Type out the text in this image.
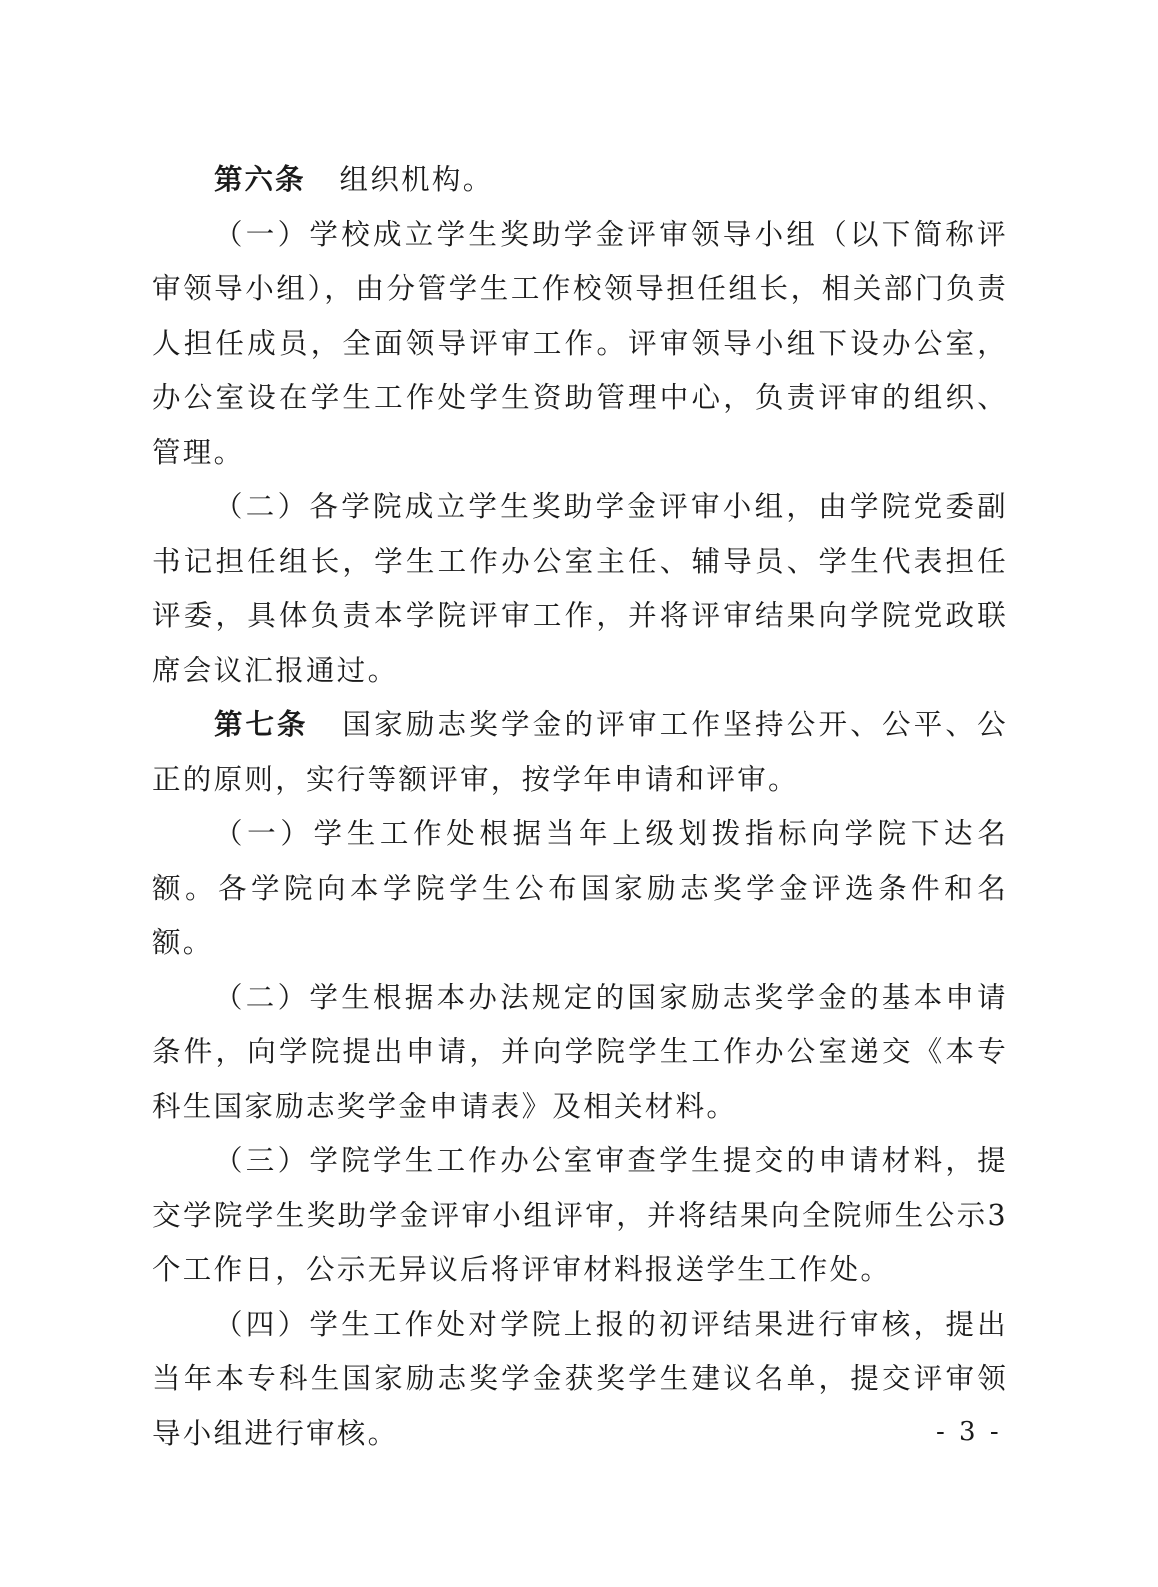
第六条 组织机构。

（一）学校成立学生奖助学金评审领导小组（以下简称评审领导小组），由分管学生工作校领导担任组长，相关部门负责人担任成员，全面领导评审工作。评审领导小组下设办公室，办公室设在学生工作处学生资助管理中心，负责评审的组织、管理。

（二）各学院成立学生奖助学金评审小组，由学院党委副书记担任组长，学生工作办公室主任、辅导员、学生代表担任评委，具体负责本学院评审工作，并将评审结果向学院党政联席会议汇报通过。

第七条 国家励志奖学金的评审工作坚持公开、公平、公正的原则，实行等额评审，按学年申请和评审。

（一）学生工作处根据当年上级划拨指标向学院下达名额。各学院向本学院学生公布国家励志奖学金评选条件和名额。

（二）学生根据本办法规定的国家励志奖学金的基本申请条件，向学院提出申请，并向学院学生工作办公室递交《本专科生国家励志奖学金申请表》及相关材料。

（三）学院学生工作办公室审查学生提交的申请材料，提交学院学生奖助学金评审小组评审，并将结果向全院师生公示3个工作日，公示无异议后将评审材料报送学生工作处。

（四）学生工作处对学院上报的初评结果进行审核，提出当年本专科生国家励志奖学金获奖学生建议名单，提交评审领导小组进行审核。	- 3 -
